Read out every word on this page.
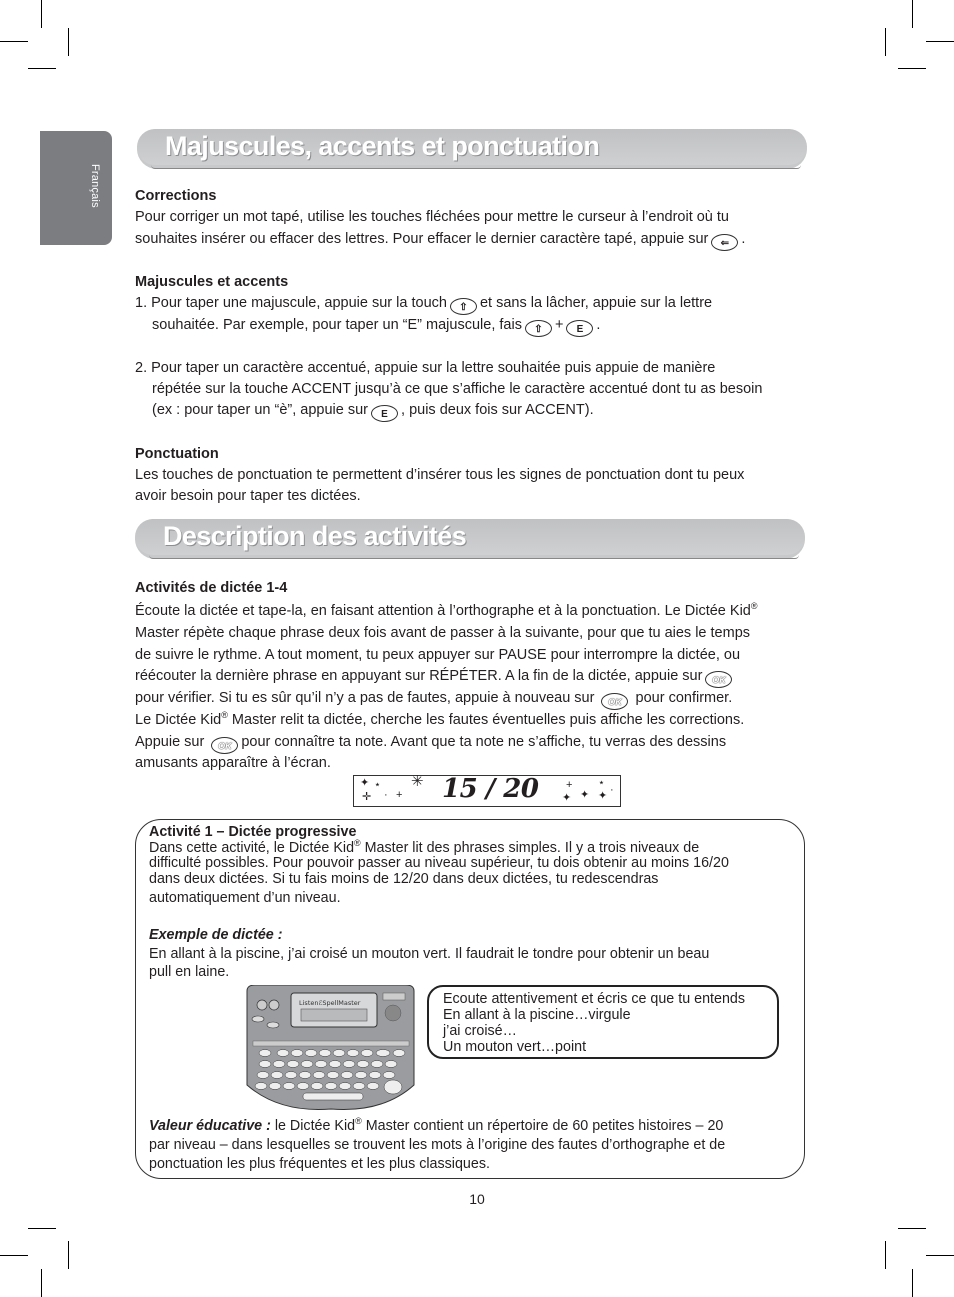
Français
Majuscules, accents et ponctuation
Corrections
Pour corriger un mot tapé, utilise les touches fléchées pour mettre le curseur à l’endroit où tu
souhaites insérer ou effacer des lettres. Pour effacer le dernier caractère tapé, appuie sur ⇐ .
Majuscules et accents
1. Pour taper une majuscule, appuie sur la touch ⇧ et sans la lâcher, appuie sur la lettre
souhaitée. Par exemple, pour taper un “E” majuscule, fais ⇧ + E .
2. Pour taper un caractère accentué, appuie sur la lettre souhaitée puis appuie de manière
répétée sur la touche ACCENT jusqu’à ce que s’affiche le caractère accentué dont tu as besoin
(ex : pour taper un “è”, appuie sur E , puis deux fois sur ACCENT).
Ponctuation
Les touches de ponctuation te permettent d’insérer tous les signes de ponctuation dont tu peux
avoir besoin pour taper tes dictées.
Description des activités
Activités de dictée 1-4
Écoute la dictée et tape-la, en faisant attention à l’orthographe et à la ponctuation. Le Dictée Kid®
Master répète chaque phrase deux fois avant de passer à la suivante, pour que tu aies le temps
de suivre le rythme. A tout moment, tu peux appuyer sur PAUSE pour interrompre la dictée, ou
réécouter la dernière phrase en appuyant sur RÉPÉTER. A la fin de la dictée, appuie sur OK
pour vérifier. Si tu es sûr qu’il n’y a pas de fautes, appuie à nouveau sur OK pour confirmer.
Le Dictée Kid® Master relit ta dictée, cherche les fautes éventuelles puis affiche les corrections.
Appuie sur OK pour connaître ta note. Avant que ta note ne s’affiche, tu verras des dessins
amusants apparaître à l’écran.
✦ ⋆
✛ · +
✳ 15 / 20	+ ⋆
✦ ✦ ✦ ·
Activité 1 – Dictée progressive
Dans cette activité, le Dictée Kid® Master lit des phrases simples. Il y a trois niveaux de
difficulté possibles. Pour pouvoir passer au niveau supérieur, tu dois obtenir au moins 16/20
dans deux dictées. Si tu fais moins de 12/20 dans deux dictées, tu redescendras
automatiquement d’un niveau.
Exemple de dictée :
En allant à la piscine, j’ai croisé un mouton vert. Il faudrait le tondre pour obtenir un beau
pull en laine.
ListenℰSpellMaster	Ecoute attentivement et écris ce que tu entends
En allant à la piscine…virgule
j’ai croisé…
Un mouton vert…point
Valeur éducative : le Dictée Kid® Master contient un répertoire de 60 petites histoires – 20
par niveau – dans lesquelles se trouvent les mots à l’origine des fautes d’orthographe et de
ponctuation les plus fréquentes et les plus classiques.
10
